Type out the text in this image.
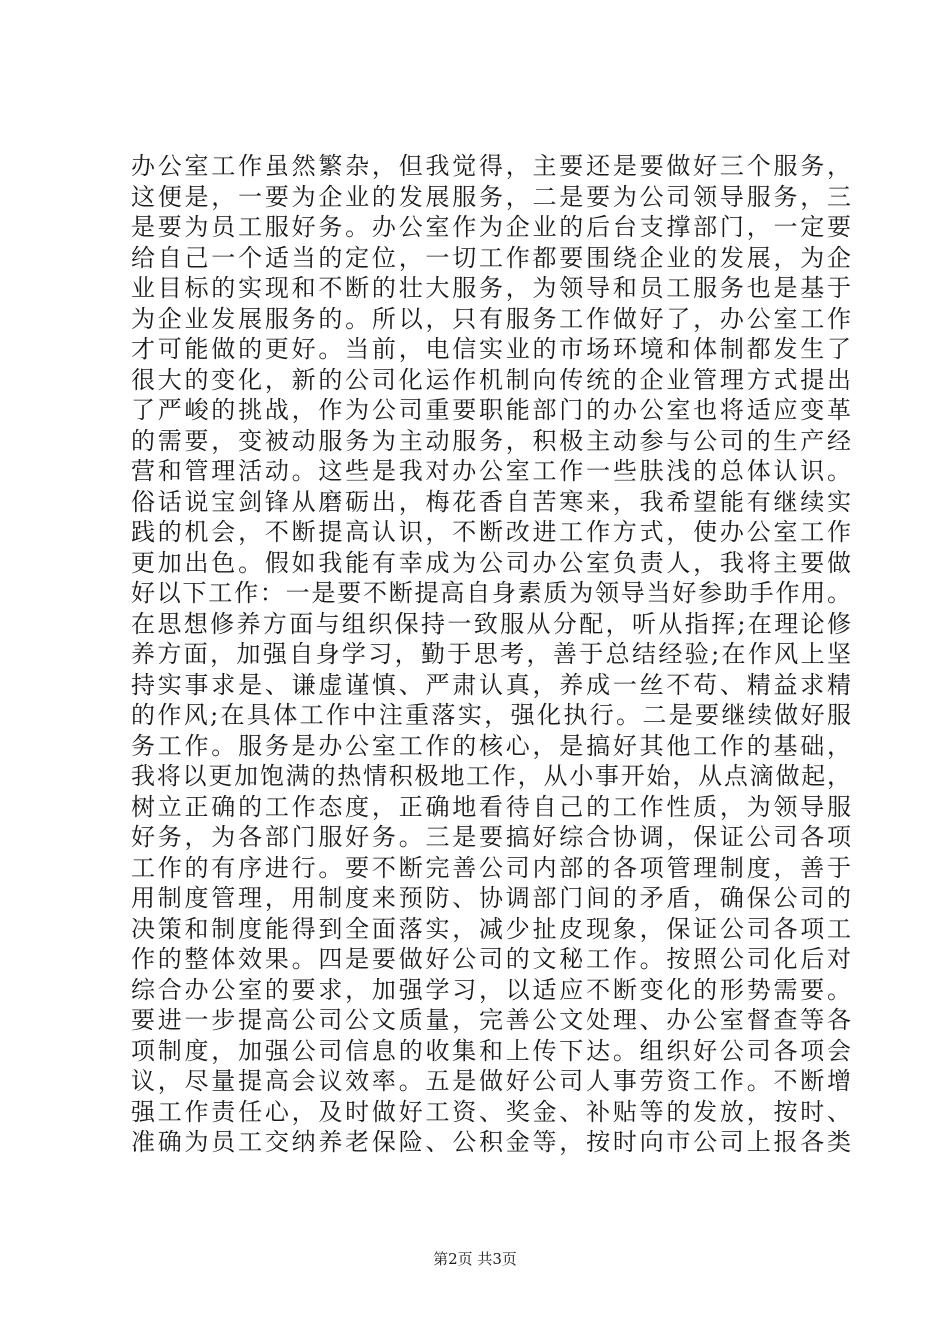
办公室工作虽然繁杂，但我觉得，主要还是要做好三个服务，
这便是，一要为企业的发展服务，二是要为公司领导服务，三
是要为员工服好务。办公室作为企业的后台支撑部门，一定要
给自己一个适当的定位，一切工作都要围绕企业的发展，为企
业目标的实现和不断的壮大服务，为领导和员工服务也是基于
为企业发展服务的。所以，只有服务工作做好了，办公室工作
才可能做的更好。当前，电信实业的市场环境和体制都发生了
很大的变化，新的公司化运作机制向传统的企业管理方式提出
了严峻的挑战，作为公司重要职能部门的办公室也将适应变革
的需要，变被动服务为主动服务，积极主动参与公司的生产经
营和管理活动。这些是我对办公室工作一些肤浅的总体认识。
俗话说宝剑锋从磨砺出，梅花香自苦寒来，我希望能有继续实
践的机会，不断提高认识，不断改进工作方式，使办公室工作
更加出色。假如我能有幸成为公司办公室负责人，我将主要做
好以下工作：一是要不断提高自身素质为领导当好参助手作用。
在思想修养方面与组织保持一致服从分配，听从指挥;在理论修
养方面，加强自身学习，勤于思考，善于总结经验;在作风上坚
持实事求是、谦虚谨慎、严肃认真，养成一丝不苟、精益求精
的作风;在具体工作中注重落实，强化执行。二是要继续做好服
务工作。服务是办公室工作的核心，是搞好其他工作的基础，
我将以更加饱满的热情积极地工作，从小事开始，从点滴做起，
树立正确的工作态度，正确地看待自己的工作性质，为领导服
好务，为各部门服好务。三是要搞好综合协调，保证公司各项
工作的有序进行。要不断完善公司内部的各项管理制度，善于
用制度管理，用制度来预防、协调部门间的矛盾，确保公司的
决策和制度能得到全面落实，减少扯皮现象，保证公司各项工
作的整体效果。四是要做好公司的文秘工作。按照公司化后对
综合办公室的要求，加强学习，以适应不断变化的形势需要。
要进一步提高公司公文质量，完善公文处理、办公室督查等各
项制度，加强公司信息的收集和上传下达。组织好公司各项会
议，尽量提高会议效率。五是做好公司人事劳资工作。不断增
强工作责任心，及时做好工资、奖金、补贴等的发放，按时、
准确为员工交纳养老保险、公积金等，按时向市公司上报各类
第2页 共3页
